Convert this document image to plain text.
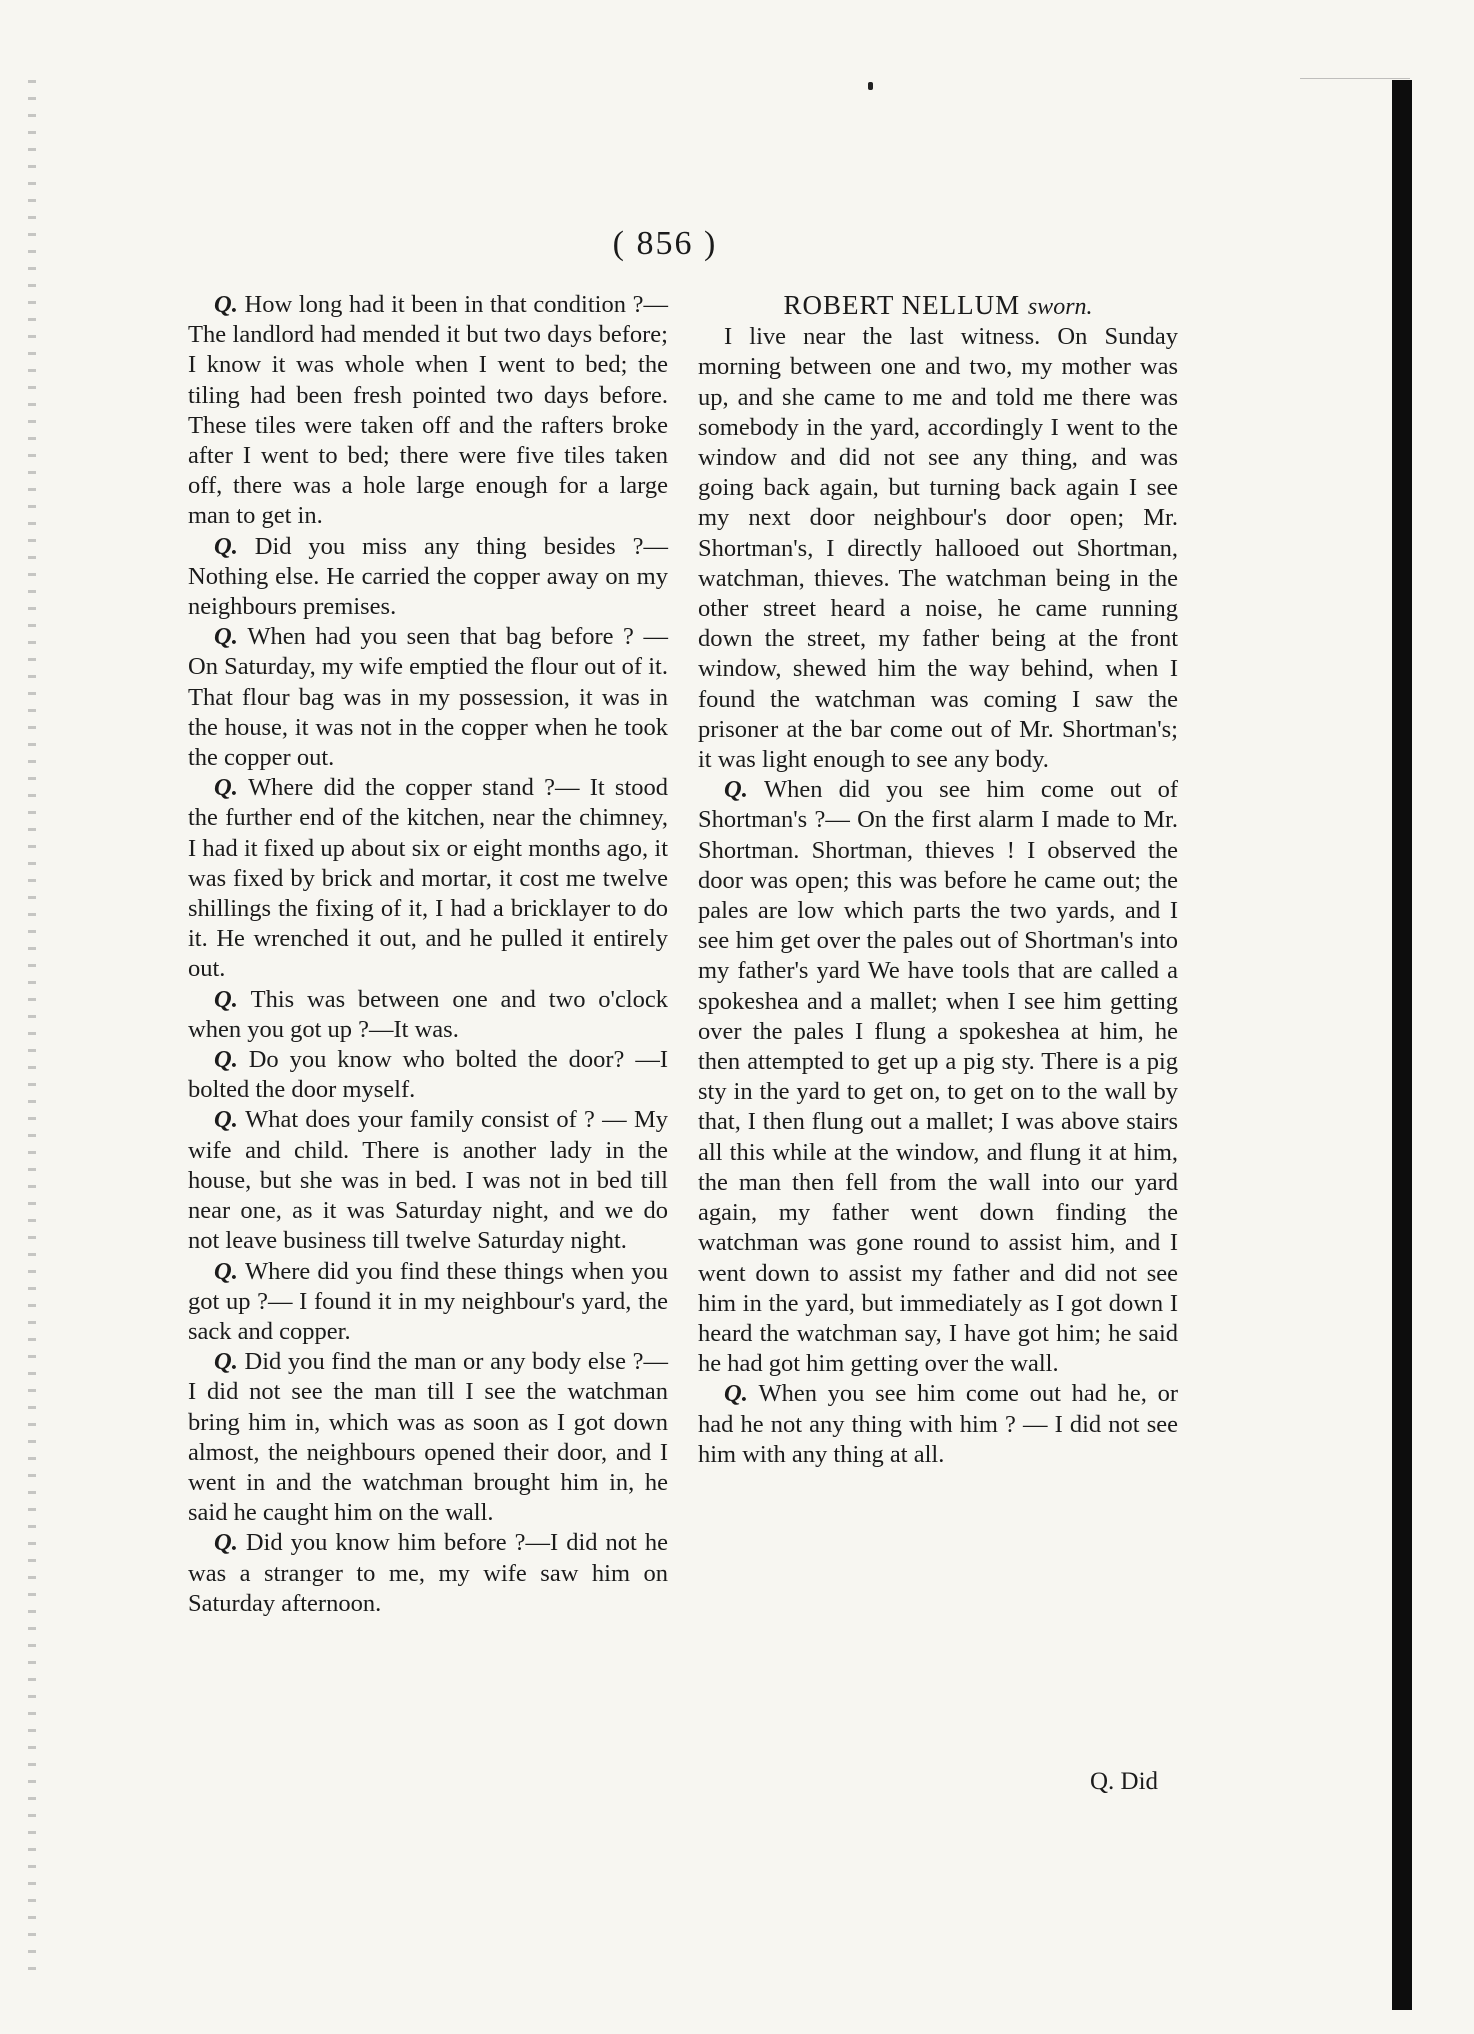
( 856 )

Q. How long had it been in that condition ?— The landlord had mended it but two days before; I know it was whole when I went to bed; the tiling had been fresh pointed two days before. These tiles were taken off and the rafters broke after I went to bed; there were five tiles taken off, there was a hole large enough for a large man to get in.

Q. Did you miss any thing besides ?— Nothing else. He carried the copper away on my neighbours premises.

Q. When had you seen that bag before ? — On Saturday, my wife emptied the flour out of it. That flour bag was in my possession, it was in the house, it was not in the copper when he took the copper out.

Q. Where did the copper stand ?— It stood the further end of the kitchen, near the chimney, I had it fixed up about six or eight months ago, it was fixed by brick and mortar, it cost me twelve shillings the fixing of it, I had a bricklayer to do it. He wrenched it out, and he pulled it entirely out.

Q. This was between one and two o'clock when you got up ?—It was.

Q. Do you know who bolted the door? —I bolted the door myself.

Q. What does your family consist of ? — My wife and child. There is another lady in the house, but she was in bed. I was not in bed till near one, as it was Saturday night, and we do not leave business till twelve Saturday night.

Q. Where did you find these things when you got up ?— I found it in my neighbour's yard, the sack and copper.

Q. Did you find the man or any body else ?— I did not see the man till I see the watchman bring him in, which was as soon as I got down almost, the neighbours opened their door, and I went in and the watchman brought him in, he said he caught him on the wall.

Q. Did you know him before ?—I did not he was a stranger to me, my wife saw him on Saturday afternoon.

ROBERT NELLUM sworn.

I live near the last witness. On Sunday morning between one and two, my mother was up, and she came to me and told me there was somebody in the yard, accordingly I went to the window and did not see any thing, and was going back again, but turning back again I see my next door neighbour's door open; Mr. Shortman's, I directly hallooed out Shortman, watchman, thieves. The watchman being in the other street heard a noise, he came running down the street, my father being at the front window, shewed him the way behind, when I found the watchman was coming I saw the prisoner at the bar come out of Mr. Shortman's; it was light enough to see any body.

Q. When did you see him come out of Shortman's ?— On the first alarm I made to Mr. Shortman. Shortman, thieves ! I observed the door was open; this was before he came out; the pales are low which parts the two yards, and I see him get over the pales out of Shortman's into my father's yard We have tools that are called a spokeshea and a mallet; when I see him getting over the pales I flung a spokeshea at him, he then attempted to get up a pig sty. There is a pig sty in the yard to get on, to get on to the wall by that, I then flung out a mallet; I was above stairs all this while at the window, and flung it at him, the man then fell from the wall into our yard again, my father went down finding the watchman was gone round to assist him, and I went down to assist my father and did not see him in the yard, but immediately as I got down I heard the watchman say, I have got him; he said he had got him getting over the wall.

Q. When you see him come out had he, or had he not any thing with him ? — I did not see him with any thing at all.

Q. Did
